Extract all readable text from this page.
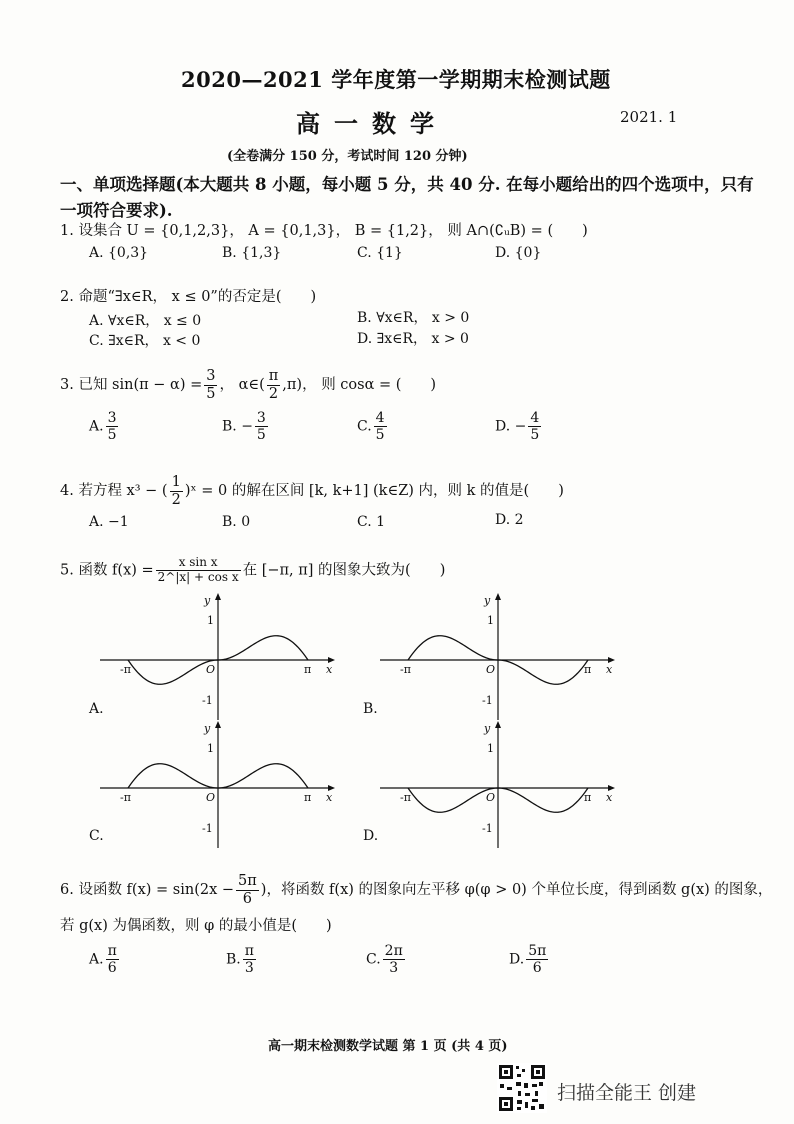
2020—2021 学年度第一学期期末检测试题
高一数学	2021. 1
(全卷满分 150 分，考试时间 120 分钟)
一、单项选择题(本大题共 8 小题，每小题 5 分，共 40 分. 在每小题给出的四个选项中，只有
一项符合要求).
1. 设集合 U = {0,1,2,3}， A = {0,1,3}， B = {1,2}， 则 A∩(∁ᵤB) = (　　)
A. {0,3}	B. {1,3}	C. {1}	D. {0}
2. 命题“∃x∈R， x ≤ 0”的否定是(　　)
A. ∀x∈R， x ≤ 0	B. ∀x∈R， x > 0
C. ∃x∈R， x < 0	D. ∃x∈R， x > 0
3. 已知 $\sin(\pi - \alpha) = \frac{3}{5}$ ， α∈( $\frac{\pi}{2} ,\pi$)， 则 cosα = (　　)
A. $\frac{3}{5}$	B. − $\frac{3}{5}$	C. $\frac{4}{5}$	D. − $\frac{4}{5}$
4. 若方程 x³ − ( $\frac{1}{2}$ )ˣ = 0 的解在区间 [k, k+1] (k∈Z) 内，则 k 的值是(　　)
A. −1	B. 0	C. 1	D. 2
5. 函数 $f(x) = \frac{\text{x sin x}}{\text{2\textasciicircum{}|x| + cos x}}$ 在 [−π, π] 的图象大致为(　　)
y
1
-1
O
-π	π x
A.
y
1
-1
O
-π	π x
B.
y
1
-1
O
-π	π x
C.
y
1
-1
O
-π	π x
D.
6. 设函数 $f(x) = \sin(2x - \frac{5\pi}{6}$ )，将函数 f(x) 的图象向左平移 φ(φ > 0) 个单位长度，得到函数 g(x) 的图象，
若 g(x) 为偶函数，则 φ 的最小值是(　　)
A. $\frac{\pi}{6}$	B. $\frac{\pi}{3}$	C. $\frac{2\pi}{3}$	D. $\frac{5\pi}{6}$
高一期末检测数学试题 第 1 页 (共 4 页)
扫描全能王 创建
